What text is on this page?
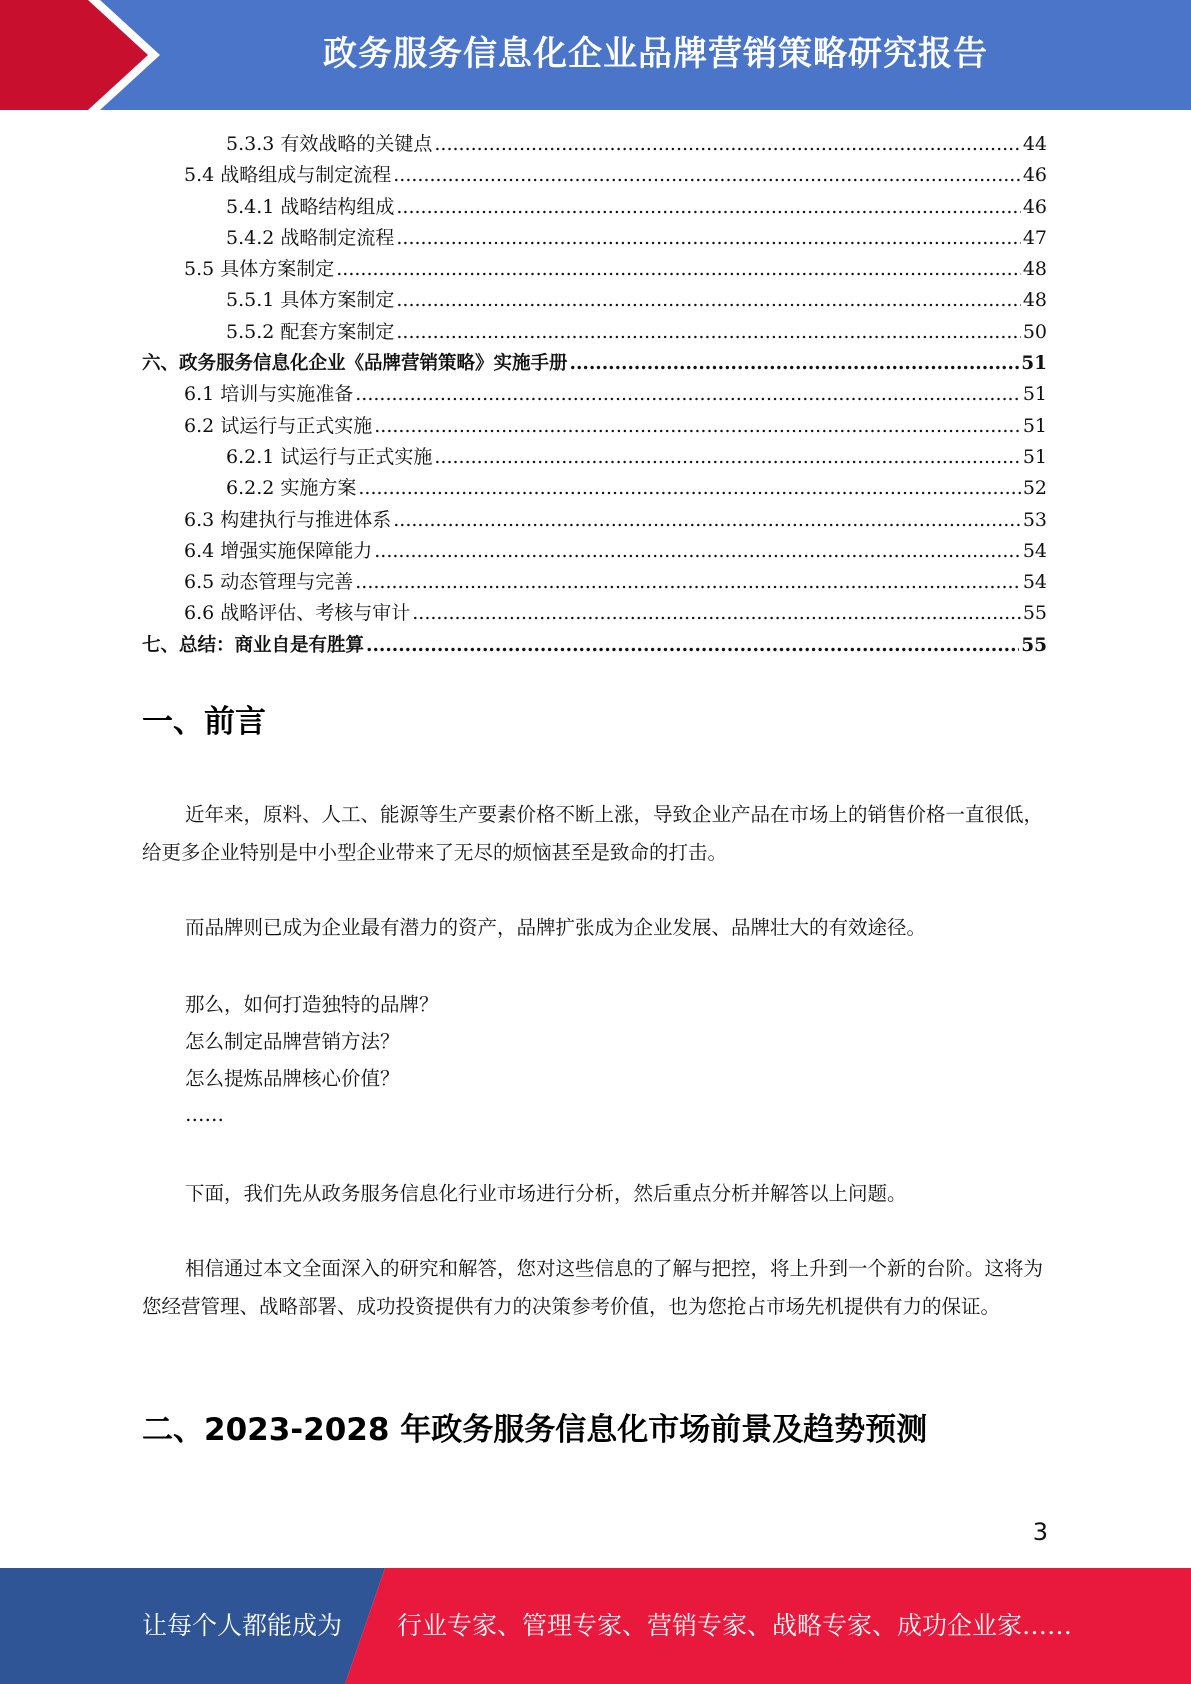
政务服务信息化企业品牌营销策略研究报告
5.3.3 有效战略的关键点 .....	44
5.4 战略组成与制定流程 .....	46
5.4.1 战略结构组成 .....	46
5.4.2 战略制定流程 .....	47
5.5 具体方案制定 .....	48
5.5.1 具体方案制定 .....	48
5.5.2 配套方案制定 .....	50
六、政务服务信息化企业《品牌营销策略》实施手册 .....	51
6.1 培训与实施准备 .....	51
6.2 试运行与正式实施 .....	51
6.2.1 试运行与正式实施 .....	51
6.2.2 实施方案 .....	52
6.3 构建执行与推进体系 .....	53
6.4 增强实施保障能力 .....	54
6.5 动态管理与完善 .....	54
6.6 战略评估、考核与审计 .....	55
七、总结：商业自是有胜算 .....	55
一、前言
近年来，原料、人工、能源等生产要素价格不断上涨，导致企业产品在市场上的销售价格一直很低，给更多企业特别是中小型企业带来了无尽的烦恼甚至是致命的打击。
而品牌则已成为企业最有潜力的资产，品牌扩张成为企业发展、品牌壮大的有效途径。
那么，如何打造独特的品牌？
怎么制定品牌营销方法？
怎么提炼品牌核心价值？
……
下面，我们先从政务服务信息化行业市场进行分析，然后重点分析并解答以上问题。
相信通过本文全面深入的研究和解答，您对这些信息的了解与把控，将上升到一个新的台阶。这将为您经营管理、战略部署、成功投资提供有力的决策参考价值，也为您抢占市场先机提供有力的保证。
二、2023-2028 年政务服务信息化市场前景及趋势预测
3
让每个人都能成为 行业专家、管理专家、营销专家、战略专家、成功企业家……
